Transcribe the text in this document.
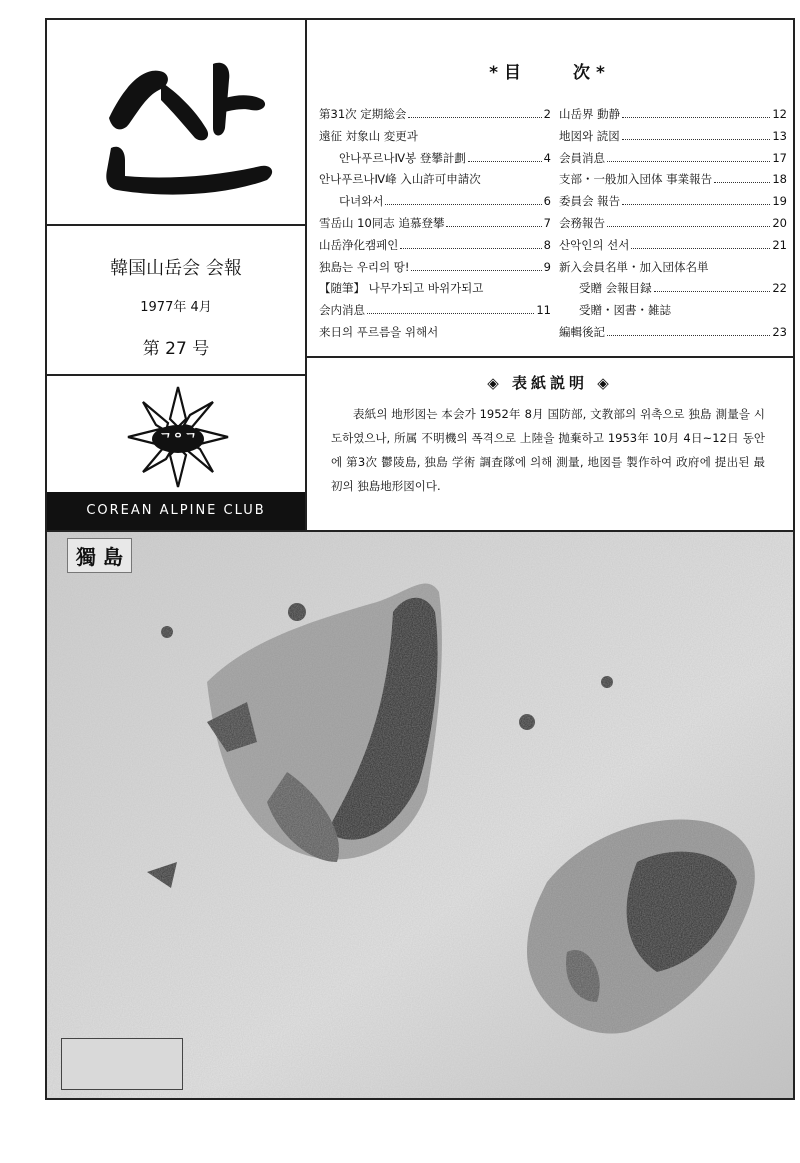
韓国山岳会 会報
1977年 4月
第 27 号
ᄀᄋᄀ
COREAN ALPINE CLUB
*目　　次*
第31次 定期総会	2
遠征 対象山 変更과
안나푸르나Ⅳ봉 登攀計劃	4
안나푸르나Ⅳ峰 入山許可申請次
다녀와서	6
雪岳山 10同志 追慕登攀	7
山岳浄化캠페인	8
独島는 우리의 땅!	9
【随筆】 나무가되고 바위가되고
会内消息	11
来日의 푸르름을 위해서
山岳界 動静	12
地図와 読図	13
会員消息	17
支部・一般加入団体 事業報告	18
委員会 報告	19
会務報告	20
산악인의 선서	21
新入会員名単・加入団体名単
受贈 会報目録	22
受贈・図書・雑誌
編輯後記	23
◈ 表紙説明 ◈
表紙의 地形図는 本会가 1952年 8月 国防部, 文教部의 위촉으로 独島 測量을 시도하였으나, 所属 不明機의 폭격으로 上陸을 抛棄하고 1953年 10月 4日~12日 동안에 第3次 鬱陵島, 独島 学術 調査隊에 의해 測量, 地図를 製作하여 政府에 提出된 最初의 独島地形図이다.
獨 島
